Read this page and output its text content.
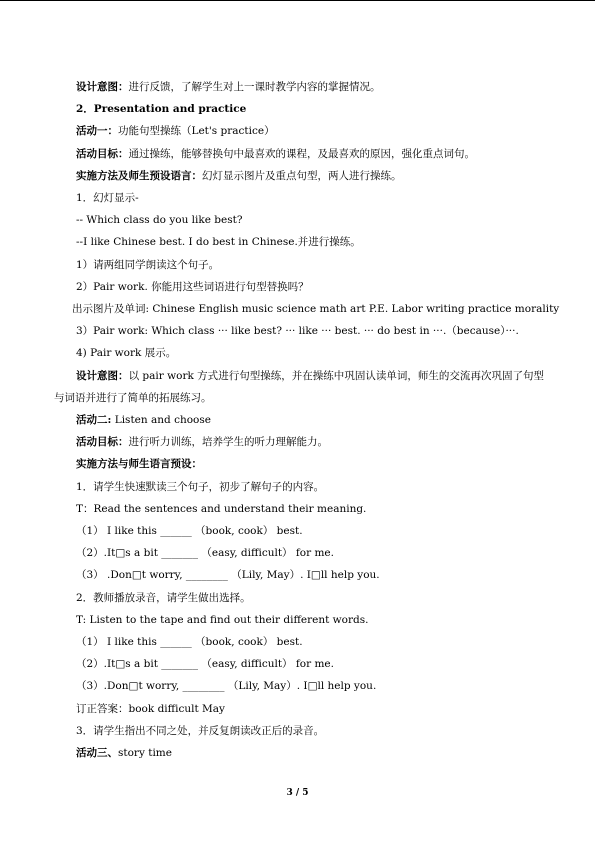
设计意图：进行反馈，了解学生对上一课时教学内容的掌握情况。

2．Presentation and practice

活动一：功能句型操练（Let's practice）

活动目标：通过操练，能够替换句中最喜欢的课程，及最喜欢的原因，强化重点词句。

实施方法及师生预设语言：幻灯显示图片及重点句型，两人进行操练。

1．幻灯显示-

-- Which class do you like best?

--I like Chinese best. I do best in Chinese.并进行操练。

1）请两组同学朗读这个句子。

2）Pair work. 你能用这些词语进行句型替换吗？

出示图片及单词: Chinese English music science math art P.E. Labor writing practice morality

3）Pair work: Which class ··· like best? ··· like ··· best. ··· do best in ···.（because）···.

4) Pair work 展示。

设计意图：以 pair work 方式进行句型操练，并在操练中巩固认读单词，师生的交流再次巩固了句型与词语并进行了简单的拓展练习。

活动二: Listen and choose

活动目标：进行听力训练，培养学生的听力理解能力。

实施方法与师生语言预设：

1．请学生快速默读三个句子，初步了解句子的内容。

T：Read the sentences and understand their meaning.

（1） I like this ______ （book, cook） best.

（2）.It□s a bit _______ （easy, difficult） for me.

（3） .Don□t worry, ________ （Lily, May）. I□ll help you.

2．教师播放录音，请学生做出选择。

T: Listen to the tape and find out their different words.

（1） I like this ______ （book, cook） best.

（2）.It□s a bit _______ （easy, difficult） for me.

（3）.Don□t worry, ________ （Lily, May）. I□ll help you.

订正答案：book difficult May

3．请学生指出不同之处，并反复朗读改正后的录音。

活动三、story time

3 / 5
